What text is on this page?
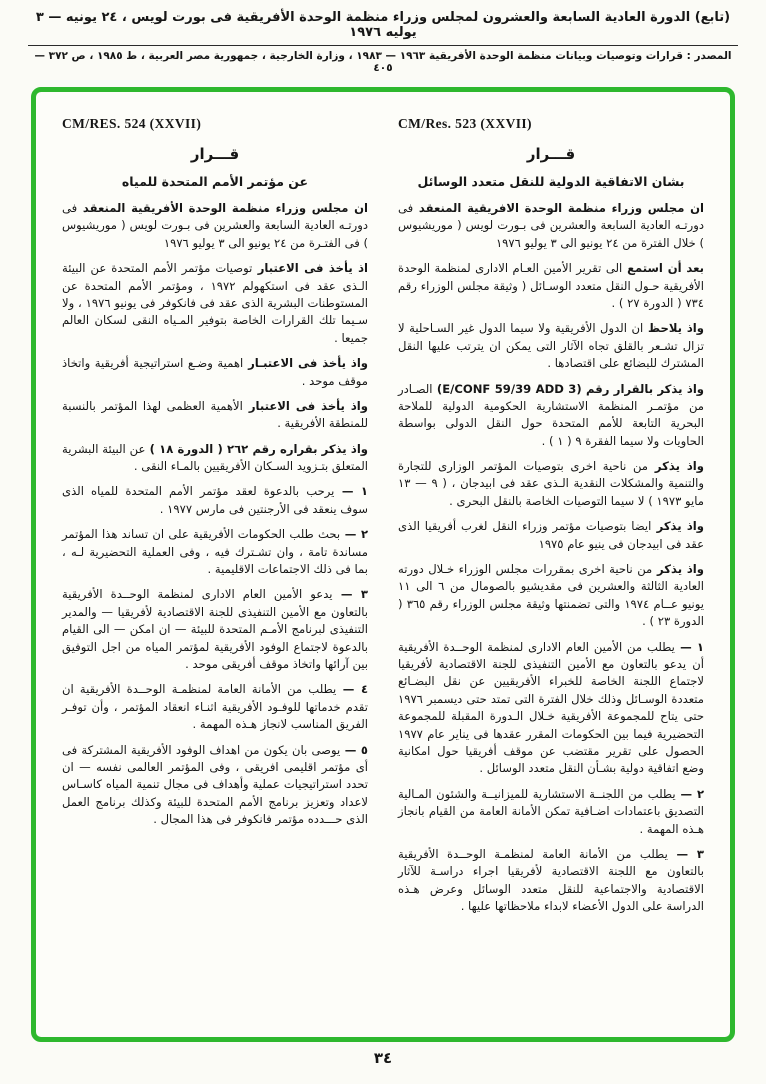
(تابع) الدورة العادية السابعة والعشرون لمجلس وزراء منظمة الوحدة الأفريقية فى بورت لويس ، ٢٤ يونيه — ٣ يوليه ١٩٧٦
المصدر : قرارات وتوصيات وبيانات منظمة الوحدة الأفريقية ١٩٦٣ — ١٩٨٣ ، وزارة الخارجية ، جمهورية مصر العربية ، ط ١٩٨٥ ، ص ٣٧٢ — ٤٠٥
CM/Res. 523 (XXVII)
قـــرار
بشان الاتفاقية الدولية للنقل متعدد الوسائل

ان مجلس وزراء منظمة الوحدة الافريقية المنعقد فى دورتـه العادية السابعة والعشرين فى بـورت لويس ( موريشيوس ) خلال الفترة من ٢٤ يونيو الى ٣ يوليو ١٩٧٦

بعد أن استمع الى تقرير الأمين العـام الادارى لمنظمة الوحدة الأفريقية حـول النقل متعدد الوسـائل ( وثيقة مجلس الوزراء رقم ٧٣٤ ( الدورة ٢٧ ) .

واذ يلاحظ ان الدول الأفريقية ولا سيما الدول غير السـاحلية لا تزال تشـعر بالقلق تجاه الآثار التى يمكن ان يترتب عليها النقل المشترك للبضائع على اقتصادها .

واذ يذكر بالقرار رقم (E/CONF 59/39 ADD 3) الصـادر من مؤتمـر المنظمة الاستشارية الحكومية الدولية للملاحة البحرية التابعة للأمم المتحدة حول النقل الدولى بواسطة الحاويات ولا سيما الفقرة ٩ ( ١ ) .

واذ يذكر من ناحية اخرى بتوصيات المؤتمر الوزارى للتجارة والتنمية والمشكلات النقدية الـذى عقد فى ابيدجان ، ( ٩ — ١٣ مايو ١٩٧٣ ) لا سيما التوصيات الخاصة بالنقل البحرى .

واذ يذكر ايضا بتوصيات مؤتمر وزراء النقل لغرب أفريقيا الذى عقد فى ابيدجان فى ينيو عام ١٩٧٥

واذ يذكر من ناحية اخرى بمقررات مجلس الوزراء خـلال دورته العادية الثالثة والعشرين فى مقديشيو بالصومال من ٦ الى ١١ يونيو عــام ١٩٧٤ والتى تضمنتها وثيقة مجلس الوزراء رقم ٣٦٥ ( الدورة ٢٣ ) .

١ — يطلب من الأمين العام الادارى لمنظمة الوحــدة الأفريقية أن يدعو بالتعاون مع الأمين التنفيذى للجنة الاقتصادية لأفريقيا لاجتماع اللجنة الخاصة للخبراء الأفريقيين عن نقل البضـائع متعددة الوسـائل وذلك خلال الفترة التى تمتد حتى ديسمبر ١٩٧٦ حتى يتاح للمجموعة الأفريقية خـلال الـدورة المقبلة للمجموعة التحضيرية فيما بين الحكومات المقرر عقدها فى يناير عام ١٩٧٧ الحصول على تقرير مقتضب عن موقف أفريقيا حول امكانية وضع اتفاقية دولية بشـأن النقل متعدد الوسائل .

٢ — يطلب من اللجنــة الاستشارية للميزانيــة والشئون المـالية التصديق باعتمادات اضـافية تمكن الأمانة العامة من القيام بانجاز هـذه المهمة .

٣ — يطلب من الأمانة العامة لمنظمـة الوحــدة الأفريقية بالتعاون مع اللجنة الاقتصادية لأفريقيا اجراء دراسـة للآثار الاقتصادية والاجتماعية للنقل متعدد الوسائل وعرض هـذه الدراسة على الدول الأعضاء لابداء ملاحظاتها عليها .

CM/RES. 524 (XXVII)
قـــرار
عن مؤتمر الأمم المتحدة للمياه

ان مجلس وزراء منظمة الوحدة الأفريقية المنعقد فى دورتـه العادية السابعة والعشرين فى بـورت لويس ( موريشيوس ) فى الفتـرة من ٢٤ يونيو الى ٣ يوليو ١٩٧٦

اذ يأخذ فى الاعتبار توصيات مؤتمر الأمم المتحدة عن البيئة الـذى عقد فى استكهولم ١٩٧٢ ، ومؤتمر الأمم المتحدة عن المستوطنات البشرية الذى عقد فى فانكوفر فى يونيو ١٩٧٦ ، ولا سـيما تلك القرارات الخاصة بتوفير المـياه النقى لسكان العالم جميعا .

واذ يأخذ فى الاعتبـار اهمية وضـع استراتيجية أفريقية واتخاذ موقف موحد .

واذ يأخذ فى الاعتبار الأهمية العظمى لهذا المؤتمر بالنسبة للمنطقة الأفريقية .

واذ يذكر بقراره رقم ٢٦٢ ( الدورة ١٨ ) عن البيئة البشرية المتعلق بتـزويد السـكان الأفريقيين بالمـاء النقى .

١ — يرحب بالدعوة لعقد مؤتمر الأمم المتحدة للمياه الذى سوف ينعقد فى الأرجنتين فى مارس ١٩٧٧ .

٢ — بحث طلب الحكومات الأفريقية على ان تساند هذا المؤتمر مساندة تامة ، وان تشـترك فيه ، وفى العملية التحضيرية لـه ، بما فى ذلك الاجتماعات الاقليمية .

٣ — يدعو الأمين العام الادارى لمنظمة الوحــدة الأفريقية بالتعاون مع الأمين التنفيذى للجنة الاقتصادية لأفريقيا — والمدير التنفيذى لبرنامج الأمـم المتحدة للبيئة — ان امكن — الى القيام بالدعوة لاجتماع الوفود الأفريقية لمؤتمر المياه من اجل التوفيق بين آرائها واتخاذ موقف أفريقى موحد .

٤ — يطلب من الأمانة العامة لمنظمـة الوحــدة الأفريقية ان تقدم خدماتها للوفـود الأفريقية اثنـاء انعقاد المؤتمر ، وأن توفـر الفريق المناسب لانجاز هـذه المهمة .

٥ — يوصى بان يكون من اهداف الوفود الأفريقية المشتركة فى أى مؤتمر اقليمى افريقى ، وفى المؤتمر العالمى نفسه — ان تحدد استراتيجيات عملية وأهداف فى مجال تنمية المياه كاسـاس لاعداد وتعزيز برنامج الأمم المتحدة للبيئة وكذلك برنامج العمل الذى حـــدده مؤتمر فانكوفر فى هذا المجال .

٣٤
